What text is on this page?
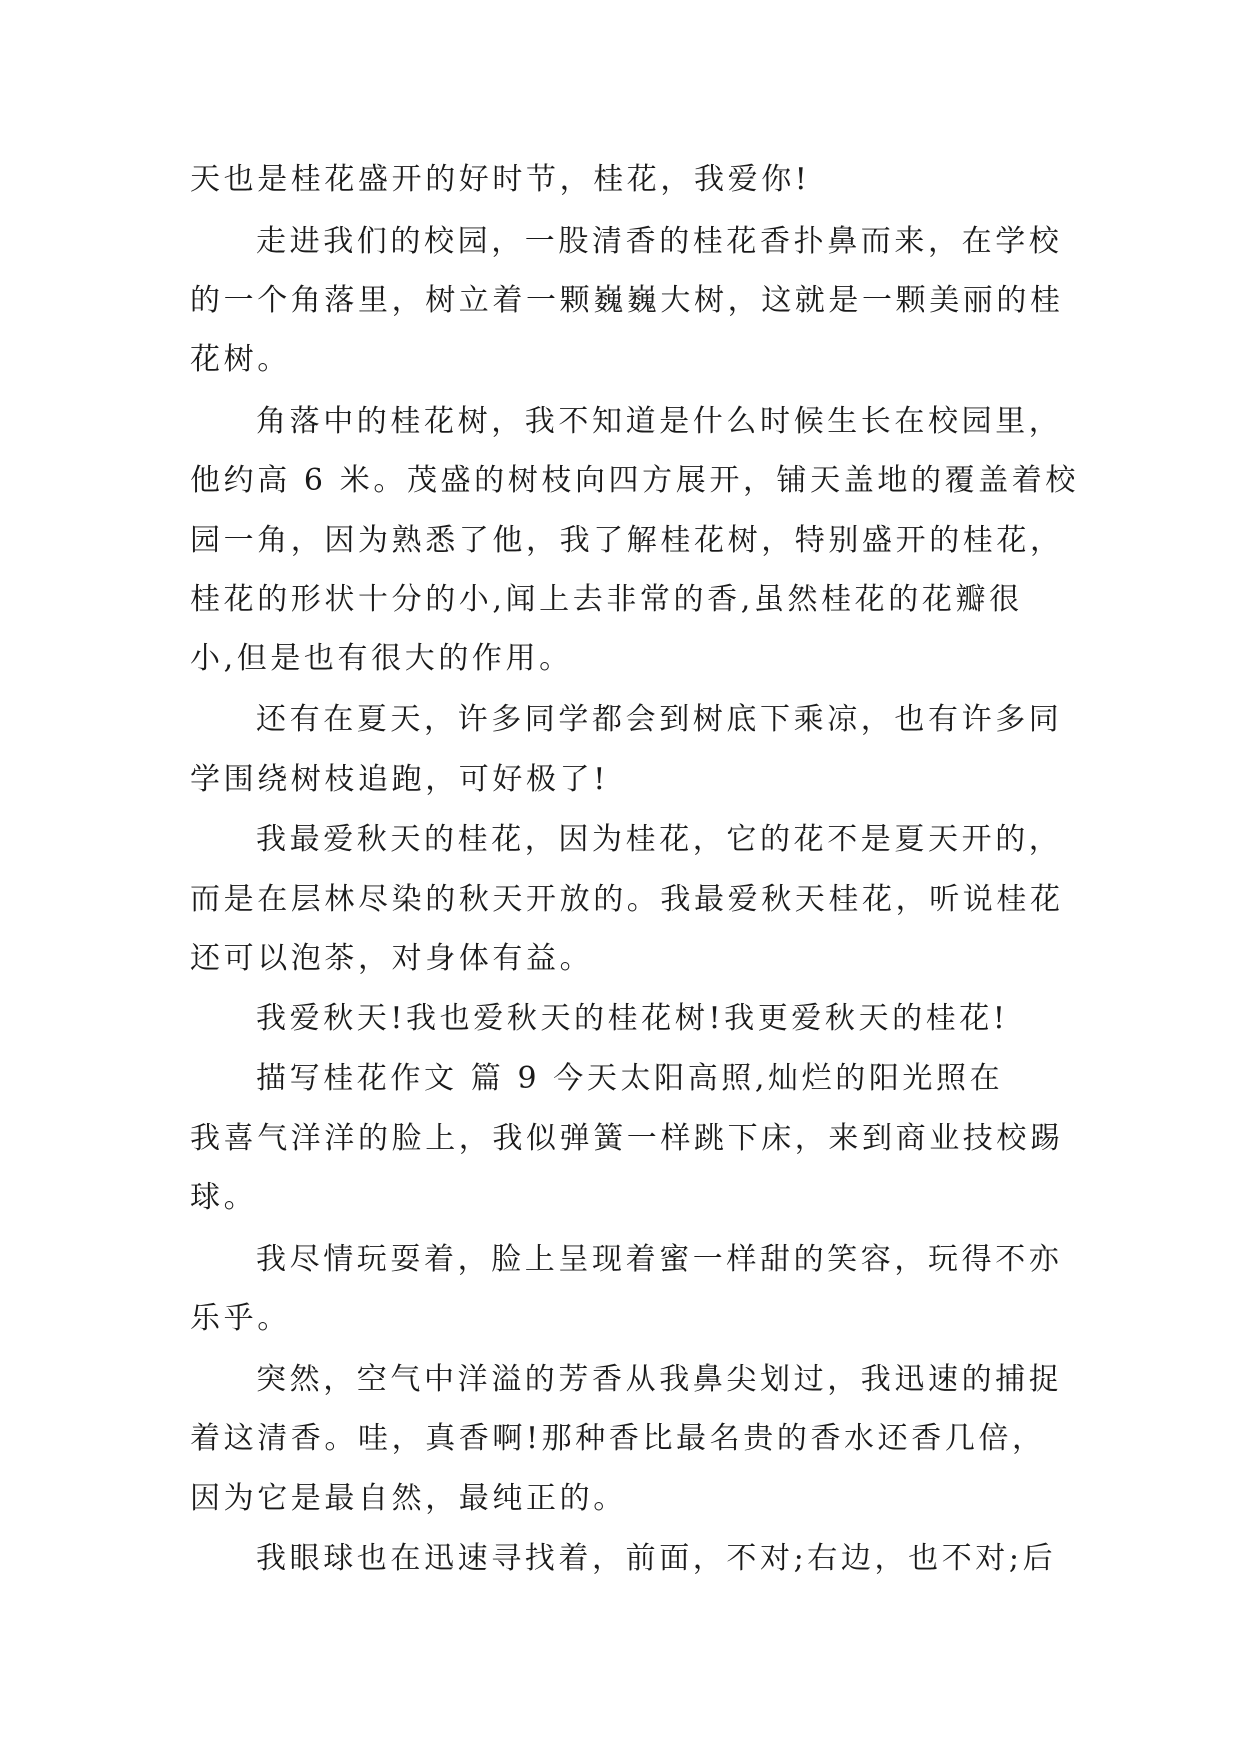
天也是桂花盛开的好时节，桂花，我爱你!
走进我们的校园，一股清香的桂花香扑鼻而来，在学校
的一个角落里，树立着一颗巍巍大树，这就是一颗美丽的桂
花树。
角落中的桂花树，我不知道是什么时候生长在校园里，
他约高 6 米。茂盛的树枝向四方展开，铺天盖地的覆盖着校
园一角，因为熟悉了他，我了解桂花树，特别盛开的桂花，
桂花的形状十分的小,闻上去非常的香,虽然桂花的花瓣很
小,但是也有很大的作用。
还有在夏天，许多同学都会到树底下乘凉，也有许多同
学围绕树枝追跑，可好极了!
我最爱秋天的桂花，因为桂花，它的花不是夏天开的，
而是在层林尽染的秋天开放的。我最爱秋天桂花，听说桂花
还可以泡茶，对身体有益。
我爱秋天!我也爱秋天的桂花树!我更爱秋天的桂花!
描写桂花作文 篇 9 今天太阳高照,灿烂的阳光照在
我喜气洋洋的脸上，我似弹簧一样跳下床，来到商业技校踢
球。
我尽情玩耍着，脸上呈现着蜜一样甜的笑容，玩得不亦
乐乎。
突然，空气中洋溢的芳香从我鼻尖划过，我迅速的捕捉
着这清香。哇，真香啊!那种香比最名贵的香水还香几倍，
因为它是最自然，最纯正的。
我眼球也在迅速寻找着，前面，不对;右边，也不对;后
